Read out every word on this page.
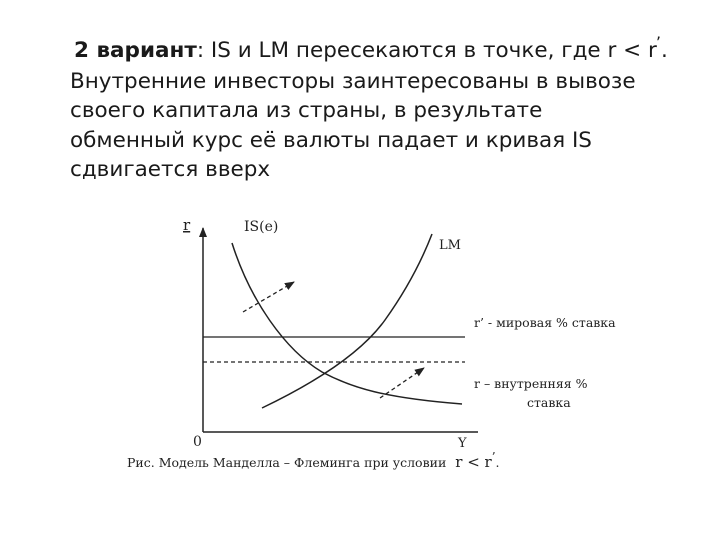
2 вариант: IS и LM пересекаются в точке, где r < r’.
Внутренние инвесторы заинтересованы в вывозе
своего капитала из страны, в результате
обменный курс её валюты падает и кривая IS
сдвигается вверх
r
Y
0
IS(e)
LM
r’ - мировая % ставка
r – внутренняя %
ставка
Рис. Модель Манделла – Флеминга при условии r < r’.
